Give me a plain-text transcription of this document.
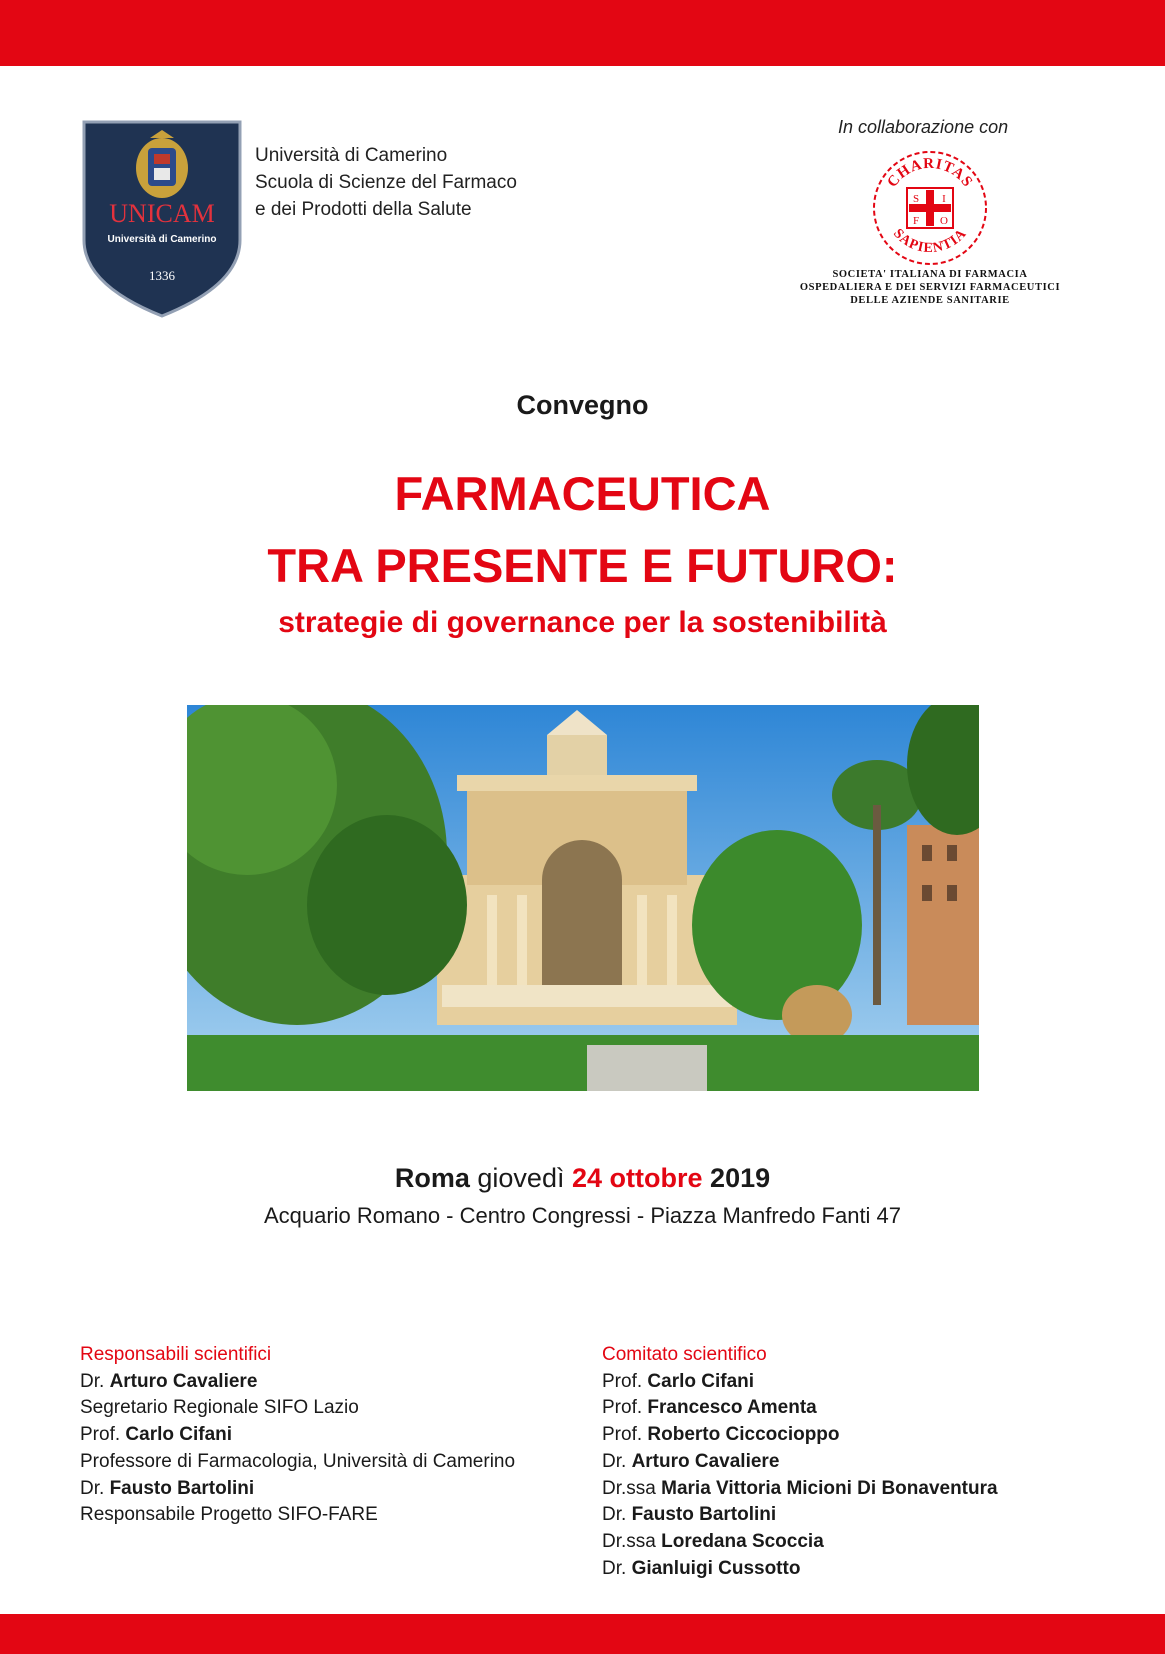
UNICAM
Università di Camerino
1336
Università di Camerino
Scuola di Scienze del Farmaco
e dei Prodotti della Salute
In collaborazione con
CHARITAS
SAPIENTIA
S I
F O
SOCIETA' ITALIANA DI FARMACIA
OSPEDALIERA E DEI SERVIZI FARMACEUTICI
DELLE AZIENDE SANITARIE
Convegno
FARMACEUTICA
TRA PRESENTE E FUTURO:
strategie di governance per la sostenibilità
Roma giovedì 24 ottobre 2019
Acquario Romano - Centro Congressi - Piazza Manfredo Fanti 47
Responsabili scientifici
Dr. Arturo Cavaliere
Segretario Regionale SIFO Lazio
Prof. Carlo Cifani
Professore di Farmacologia, Università di Camerino
Dr. Fausto Bartolini
Responsabile Progetto SIFO-FARE
Comitato scientifico
Prof. Carlo Cifani
Prof. Francesco Amenta
Prof. Roberto Ciccocioppo
Dr. Arturo Cavaliere
Dr.ssa Maria Vittoria Micioni Di Bonaventura
Dr. Fausto Bartolini
Dr.ssa Loredana Scoccia
Dr. Gianluigi Cussotto
